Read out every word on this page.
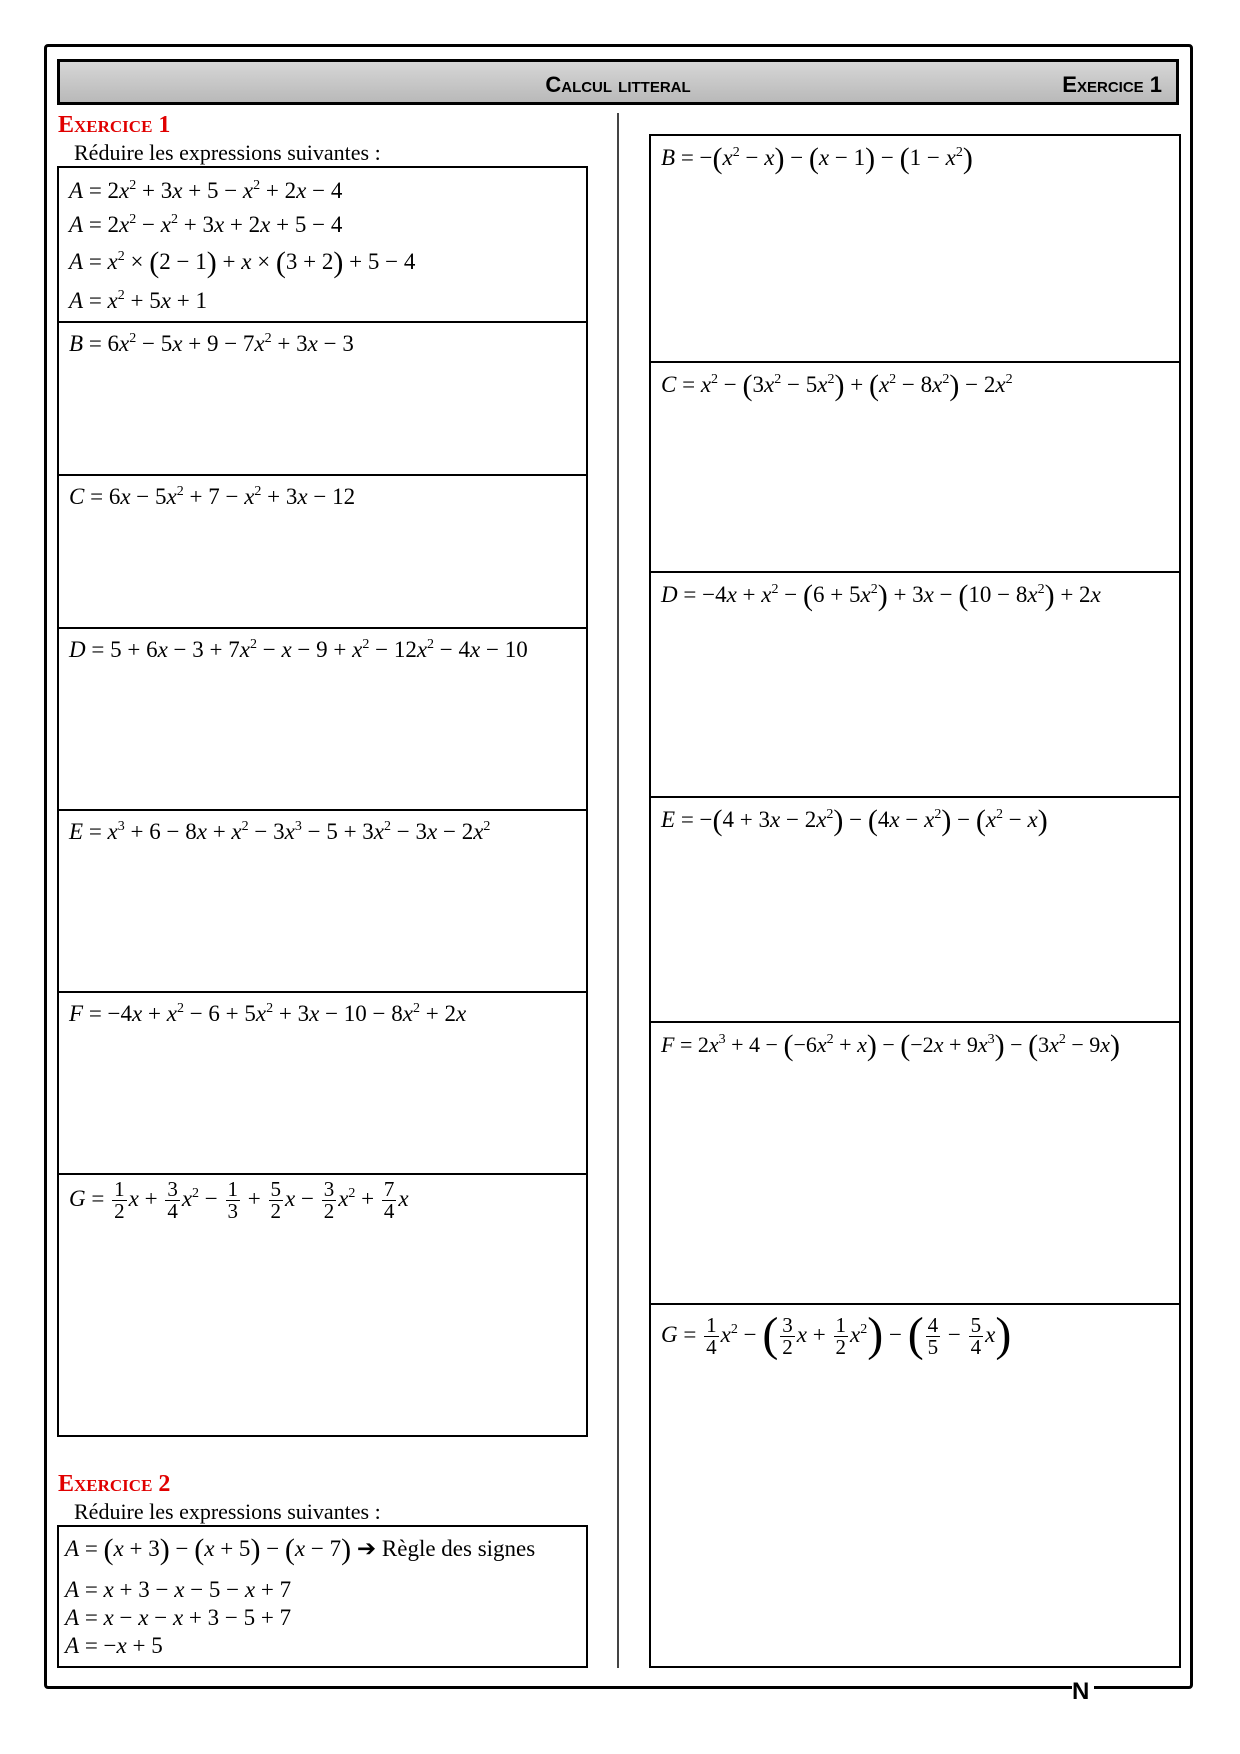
N
Calcul litteral	Exercice 1
Exercice 1
Réduire les expressions suivantes :
$A = 2x^2 + 3x + 5 - x^2 + 2x - 4$
$A = 2x^2 - x^2 + 3x + 2x + 5 - 4$
$A = x^2 \times (2 - 1) + x \times (3 + 2) + 5 - 4$
$A = x^2 + 5x + 1$
$B = 6x^2 - 5x + 9 - 7x^2 + 3x - 3$
$C = 6x - 5x^2 + 7 - x^2 + 3x - 12$
$D = 5 + 6x - 3 + 7x^2 - x - 9 + x^2 - 12x^2 - 4x - 10$
$E = x^3 + 6 - 8x + x^2 - 3x^3 - 5 + 3x^2 - 3x - 2x^2$
$F = -4x + x^2 - 6 + 5x^2 + 3x - 10 - 8x^2 + 2x$
$G = \frac{1}{2}$ $x + \frac{3}{4} x^2 - \frac{1}{3} + \frac{5}{2}$ $x - \frac{3}{2} x^2 + \frac{7}{4}$ x
$B = -(x^2 - x) - (x - 1) - (1 - x^2)$
$C = x^2 - (3x^2 - 5x^2) + (x^2 - 8x^2) - 2x^2$
$D = -4x + x^2 - (6 + 5x^2) + 3x - (10 - 8x^2) + 2x$
$E = -(4 + 3x - 2x^2) - (4x - x^2) - (x^2 - x)$
$F = 2x^3 + 4 - (-6x^2 + x) - (-2x + 9x^3) - (3x^2 - 9x)$
$G = \frac{1}{4} x^2$ − ( $\frac{3}{2}$ $x + \frac{1}{2} x^2$) − ( $\frac{4}{5} - \frac{5}{4} x$)
Exercice 2
Réduire les expressions suivantes :
A = (x + 3) − (x + 5) − (x − 7) ➔ Règle des signes
A = x + 3 − x − 5 − x + 7
A = x − x − x + 3 − 5 + 7
A = −x + 5
